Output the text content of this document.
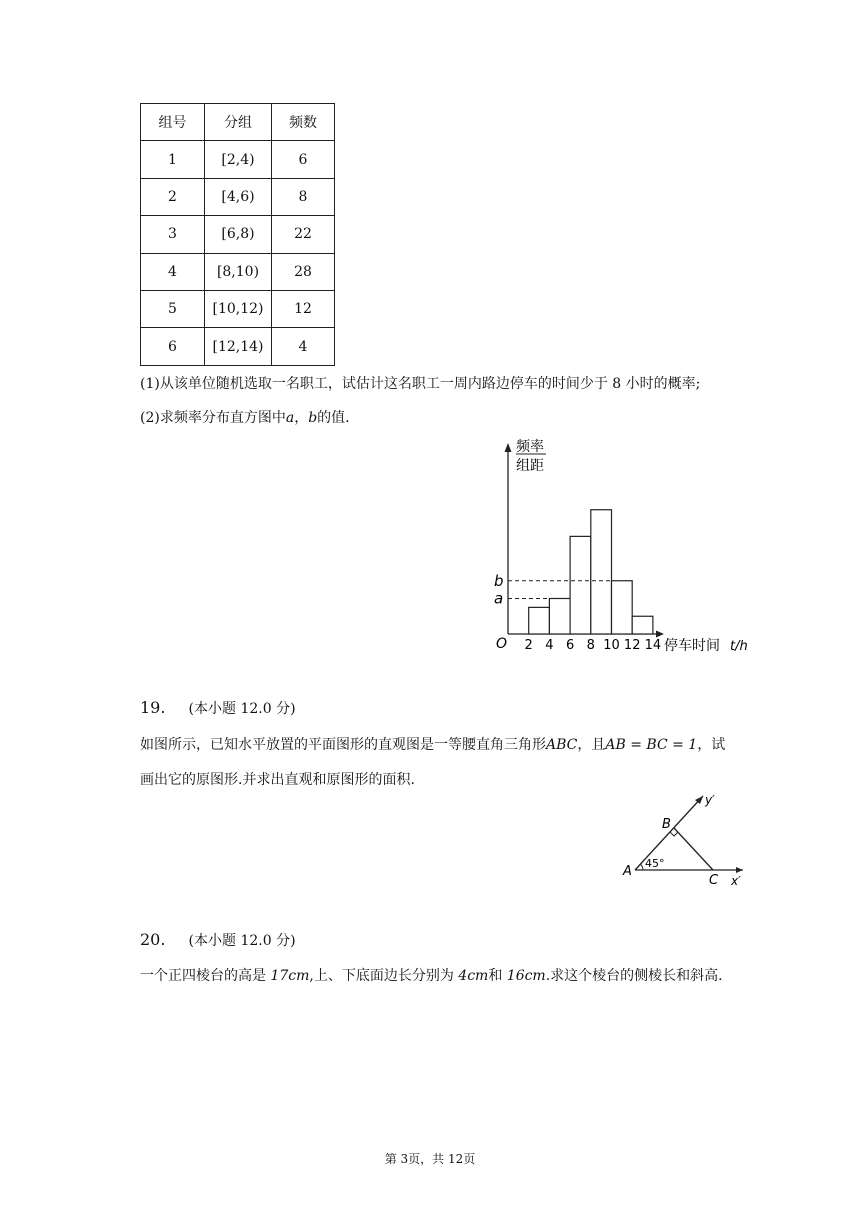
组号	分组	频数
1	[2,4)	6
2	[4,6)	8
3	[6,8)	22
4	[8,10)	28
5	[10,12)	12
6	[12,14)	4
(1)从该单位随机选取一名职工，试估计这名职工一周内路边停车的时间少于 8 小时的概率;
(2)求频率分布直方图中a，b的值.
a
b
2 4 6 8 10 12 14
O	停车时间 t/h
频率
组距
19. (本小题 12.0 分)
如图所示，已知水平放置的平面图形的直观图是一等腰直角三角形ABC，且AB = BC = 1，试
画出它的原图形.并求出直观和原图形的面积.
A
B
C x′
y′
45°
20. (本小题 12.0 分)
一个正四棱台的高是 17cm,上、下底面边长分别为 4cm和 16cm.求这个棱台的侧棱长和斜高.
第 3页，共 12页
